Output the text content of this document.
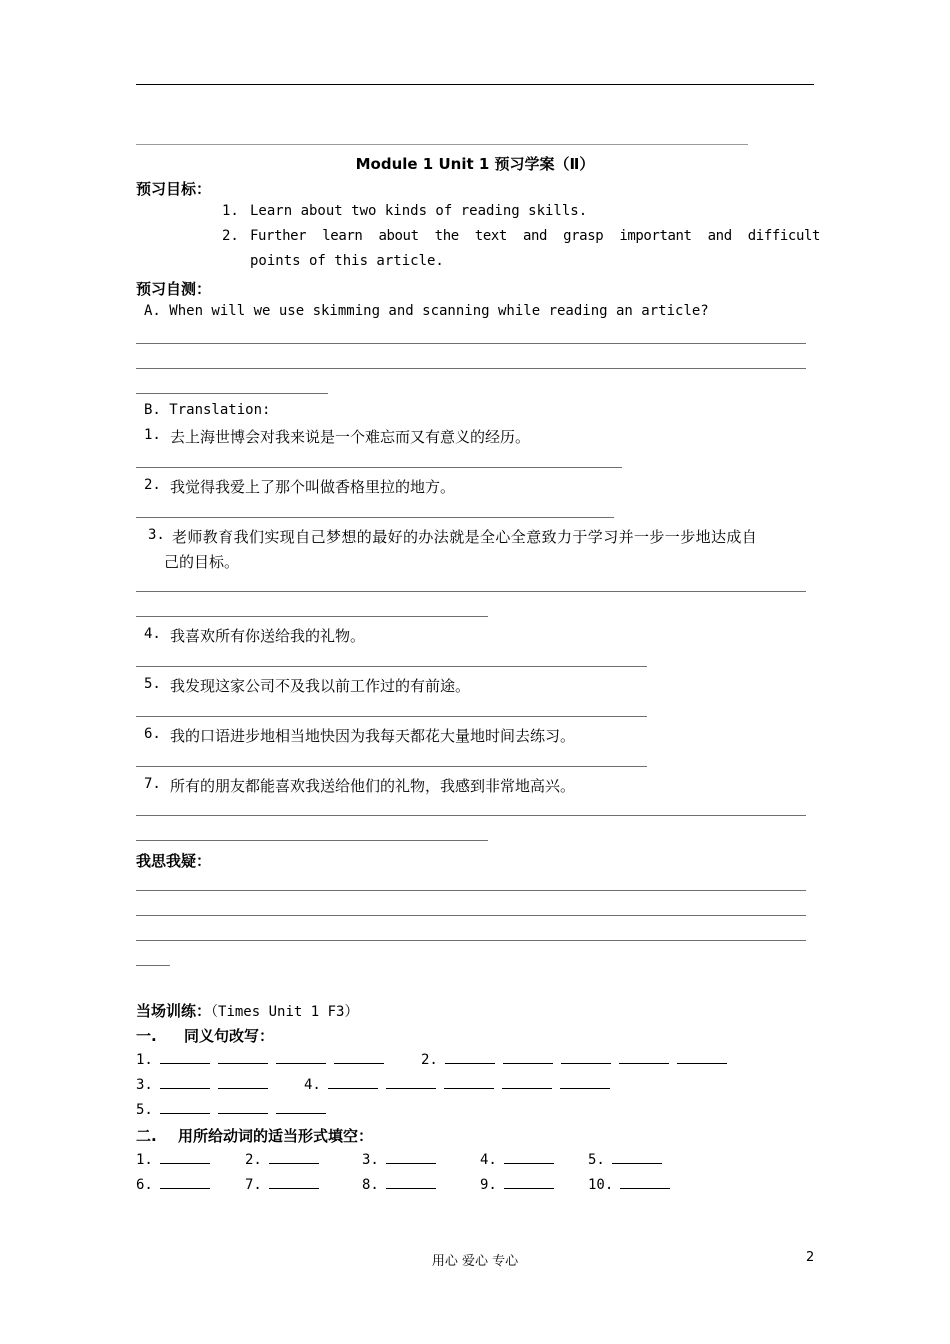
Module 1 Unit 1 预习学案（Ⅱ）
预习目标：
1. Learn about two kinds of reading skills.
2. Further  learn  about  the  text  and  grasp  important  and  difficult
points of this article.
预习自测：
A. When will we use skimming and scanning while reading an article?
B. Translation:
1. 去上海世博会对我来说是一个难忘而又有意义的经历。
2. 我觉得我爱上了那个叫做香格里拉的地方。
3. 老师教育我们实现自己梦想的最好的办法就是全心全意致力于学习并一步一步地达成自
己的目标。
4. 我喜欢所有你送给我的礼物。
5. 我发现这家公司不及我以前工作过的有前途。
6. 我的口语进步地相当地快因为我每天都花大量地时间去练习。
7. 所有的朋友都能喜欢我送给他们的礼物，我感到非常地高兴。
我思我疑：
当场训练：（Times Unit 1 F3）
一. 同义句改写：
1.	2.
3.	4.
5.
二. 用所给动词的适当形式填空：
1.	2.	3.	4.	5.
6.	7.	8.	9.	10.
用心 爱心 专心	2
